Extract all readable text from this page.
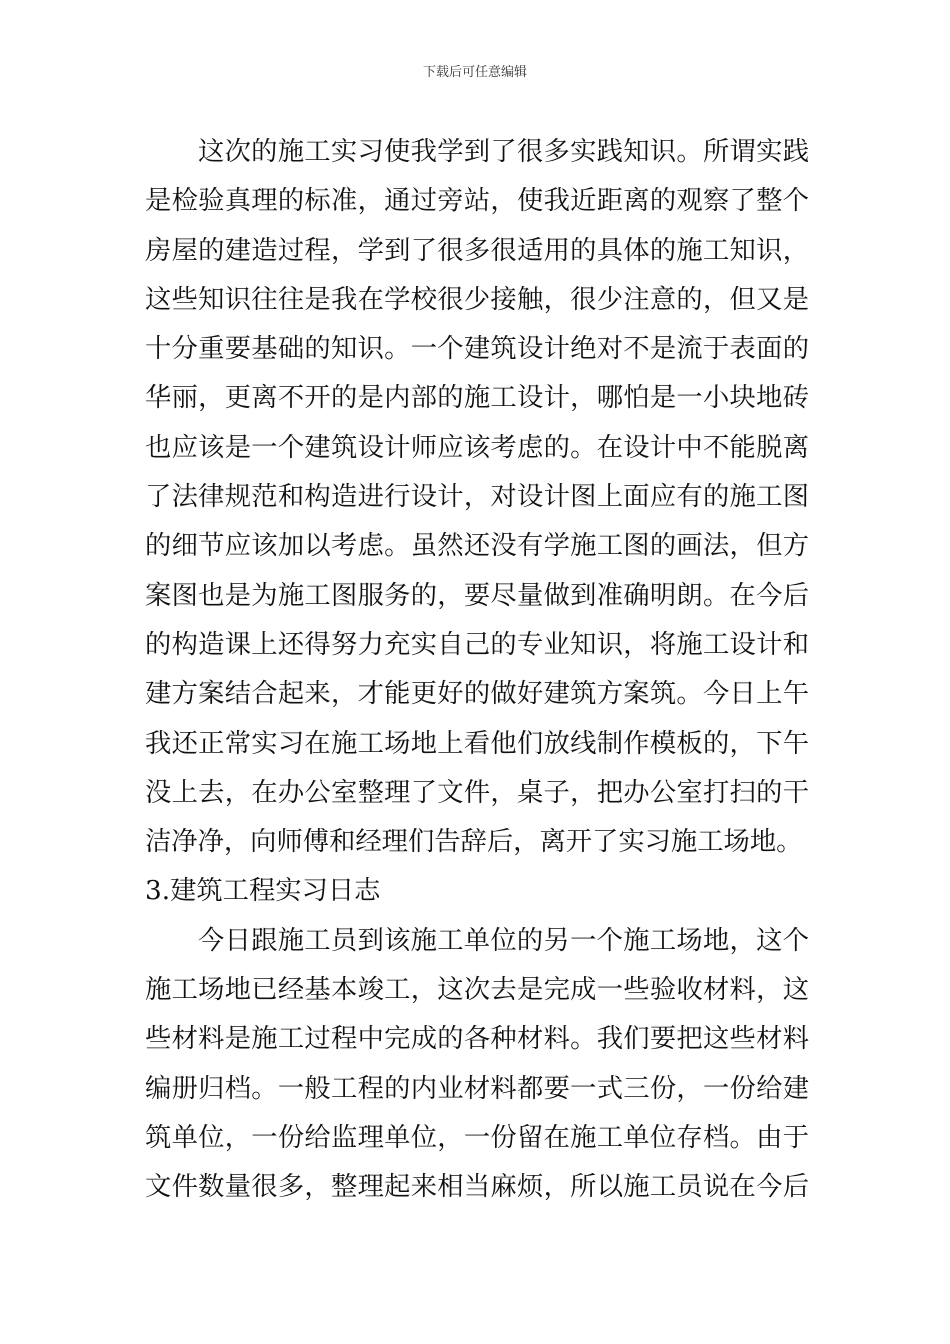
下载后可任意编辑
这次的施工实习使我学到了很多实践知识。所谓实践
是检验真理的标准，通过旁站，使我近距离的观察了整个
房屋的建造过程，学到了很多很适用的具体的施工知识，
这些知识往往是我在学校很少接触，很少注意的，但又是
十分重要基础的知识。一个建筑设计绝对不是流于表面的
华丽，更离不开的是内部的施工设计，哪怕是一小块地砖
也应该是一个建筑设计师应该考虑的。在设计中不能脱离
了法律规范和构造进行设计，对设计图上面应有的施工图
的细节应该加以考虑。虽然还没有学施工图的画法，但方
案图也是为施工图服务的，要尽量做到准确明朗。在今后
的构造课上还得努力充实自己的专业知识，将施工设计和
建方案结合起来，才能更好的做好建筑方案筑。今日上午
我还正常实习在施工场地上看他们放线制作模板的，下午
没上去，在办公室整理了文件，桌子，把办公室打扫的干
洁净净，向师傅和经理们告辞后，离开了实习施工场地。
3.建筑工程实习日志
今日跟施工员到该施工单位的另一个施工场地，这个
施工场地已经基本竣工，这次去是完成一些验收材料，这
些材料是施工过程中完成的各种材料。我们要把这些材料
编册归档。一般工程的内业材料都要一式三份，一份给建
筑单位，一份给监理单位，一份留在施工单位存档。由于
文件数量很多，整理起来相当麻烦，所以施工员说在今后
